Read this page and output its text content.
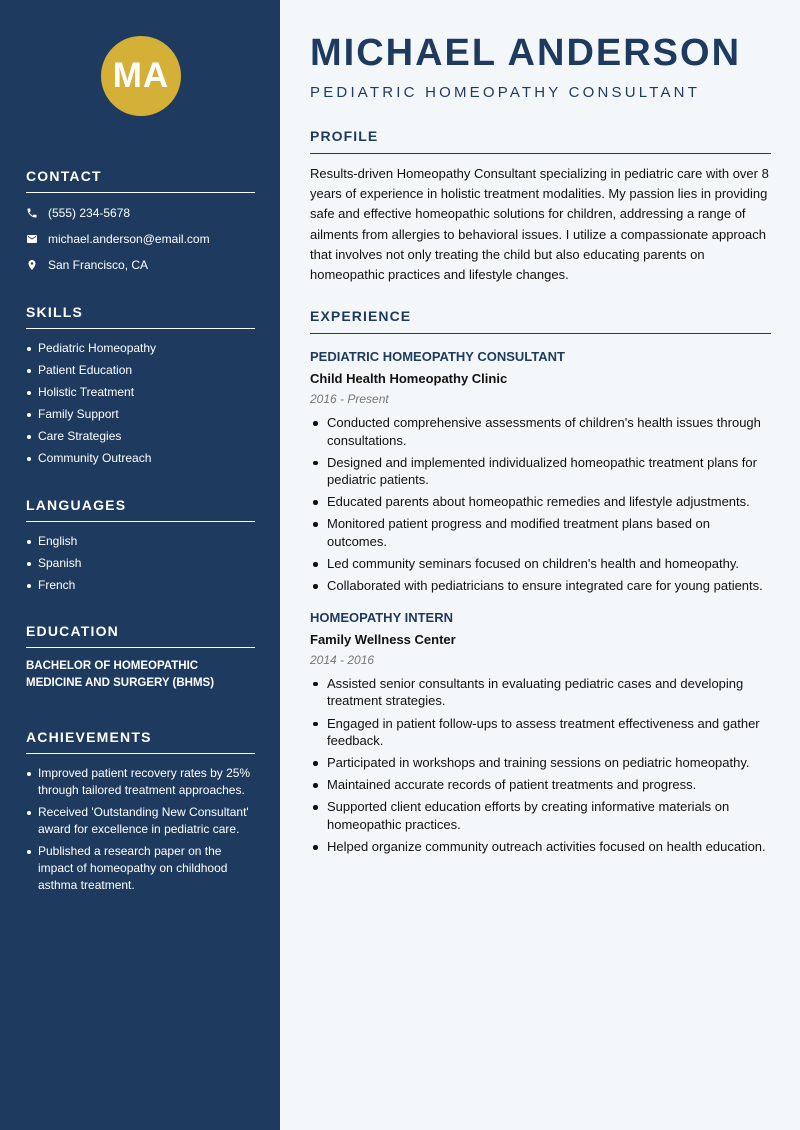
MA
CONTACT
(555) 234-5678
michael.anderson@email.com
San Francisco, CA
SKILLS
Pediatric Homeopathy
Patient Education
Holistic Treatment
Family Support
Care Strategies
Community Outreach
LANGUAGES
English
Spanish
French
EDUCATION
BACHELOR OF HOMEOPATHIC MEDICINE AND SURGERY (BHMS)
ACHIEVEMENTS
Improved patient recovery rates by 25% through tailored treatment approaches.
Received 'Outstanding New Consultant' award for excellence in pediatric care.
Published a research paper on the impact of homeopathy on childhood asthma treatment.
MICHAEL ANDERSON
PEDIATRIC HOMEOPATHY CONSULTANT
PROFILE

Results-driven Homeopathy Consultant specializing in pediatric care with over 8 years of experience in holistic treatment modalities. My passion lies in providing safe and effective homeopathic solutions for children, addressing a range of ailments from allergies to behavioral issues. I utilize a compassionate approach that involves not only treating the child but also educating parents on homeopathic practices and lifestyle changes.

EXPERIENCE
PEDIATRIC HOMEOPATHY CONSULTANT
Child Health Homeopathy Clinic
2016 - Present
Conducted comprehensive assessments of children's health issues through consultations.
Designed and implemented individualized homeopathic treatment plans for pediatric patients.
Educated parents about homeopathic remedies and lifestyle adjustments.
Monitored patient progress and modified treatment plans based on outcomes.
Led community seminars focused on children's health and homeopathy.
Collaborated with pediatricians to ensure integrated care for young patients.
HOMEOPATHY INTERN
Family Wellness Center
2014 - 2016
Assisted senior consultants in evaluating pediatric cases and developing treatment strategies.
Engaged in patient follow-ups to assess treatment effectiveness and gather feedback.
Participated in workshops and training sessions on pediatric homeopathy.
Maintained accurate records of patient treatments and progress.
Supported client education efforts by creating informative materials on homeopathic practices.
Helped organize community outreach activities focused on health education.
